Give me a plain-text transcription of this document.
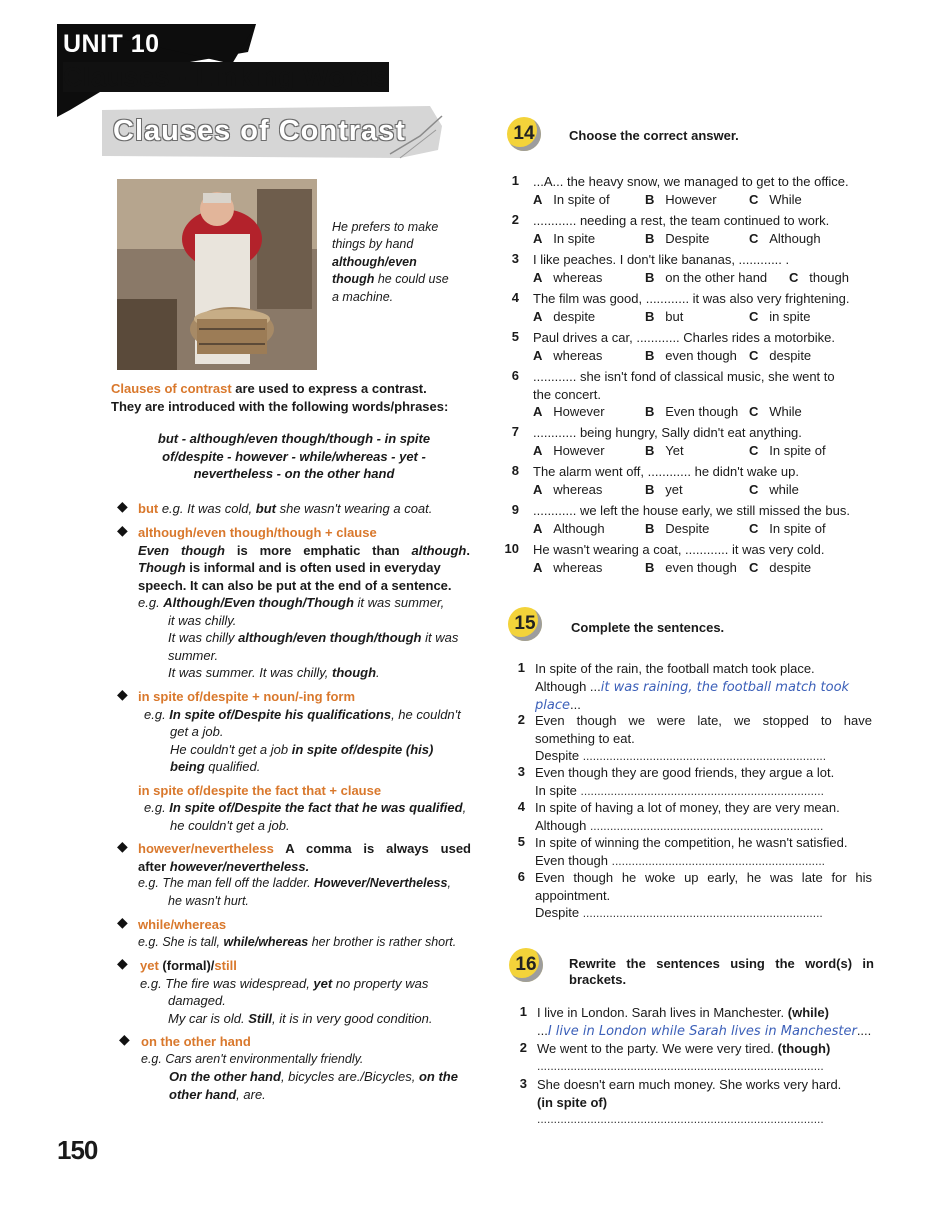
UNIT 10
Clauses - Linking Words
Clauses of Contrast
He prefers to make
things by hand
although/even
though he could use
a machine.
Clauses of contrast are used to express a contrast.
They are introduced with the following words/phrases:
but - although/even though/though - in spite
of/despite - however - while/whereas - yet -
nevertheless - on the other hand
◆ but e.g. It was cold, but she wasn't wearing a coat.
◆ although/even though/though + clause
Even though is more emphatic than although.
Though is informal and is often used in everyday
speech. It can also be put at the end of a sentence.
e.g. Although/Even though/Though it was summer,
it was chilly.
It was chilly although/even though/though it was
summer.
It was summer. It was chilly, though.
◆ in spite of/despite + noun/-ing form
e.g. In spite of/Despite his qualifications, he couldn't
get a job.
He couldn't get a job in spite of/despite (his)
being qualified.
in spite of/despite the fact that + clause
e.g. In spite of/Despite the fact that he was qualified,
he couldn't get a job.
◆ however/nevertheless A comma is always used
after however/nevertheless.
e.g. The man fell off the ladder. However/Nevertheless,
he wasn't hurt.
◆ while/whereas
e.g. She is tall, while/whereas her brother is rather short.
◆ yet (formal)/still
e.g. The fire was widespread, yet no property was
damaged.
My car is old. Still, it is in very good condition.
◆ on the other hand
e.g. Cars aren't environmentally friendly.
On the other hand, bicycles are./Bicycles, on the
other hand, are.
150
14	Choose the correct answer.
1 ...A... the heavy snow, we managed to get to the office.
A In spite of	B However C While
2 ............ needing a rest, the team continued to work.
A In spite	B Despite	C Although
3 I like peaches. I don't like bananas, ............ .
A whereas	B on the other hand C though
4 The film was good, ............ it was also very frightening.
A despite	B but	C in spite
5 Paul drives a car, ............ Charles rides a motorbike.
A whereas	B even though C despite
6 ............ she isn't fond of classical music, she went to
the concert.
A However	B Even though C While
7 ............ being hungry, Sally didn't eat anything.
A However	B Yet	C In spite of
8 The alarm went off, ............ he didn't wake up.
A whereas	B yet	C while
9 ............ we left the house early, we still missed the bus.
A Although	B Despite	C In spite of
10 He wasn't wearing a coat, ............ it was very cold.
A whereas	B even though C despite
15	Complete the sentences.
1 In spite of the rain, the football match took place.
Although ...it was raining, the football match took
place...
2 Even though we were late, we stopped to have
something to eat.
Despite .........................................................................
3 Even though they are good friends, they argue a lot.
In spite .........................................................................
4 In spite of having a lot of money, they are very mean.
Although ......................................................................
5 In spite of winning the competition, he wasn't satisfied.
Even though ................................................................
6 Even though he woke up early, he was late for his
appointment.
Despite ........................................................................
16	Rewrite the sentences using the word(s) in
brackets.
1 I live in London. Sarah lives in Manchester. (while)
...I live in London while Sarah lives in Manchester....
2 We went to the party. We were very tired. (though)
......................................................................................
3 She doesn't earn much money. She works very hard.
(in spite of)
......................................................................................
